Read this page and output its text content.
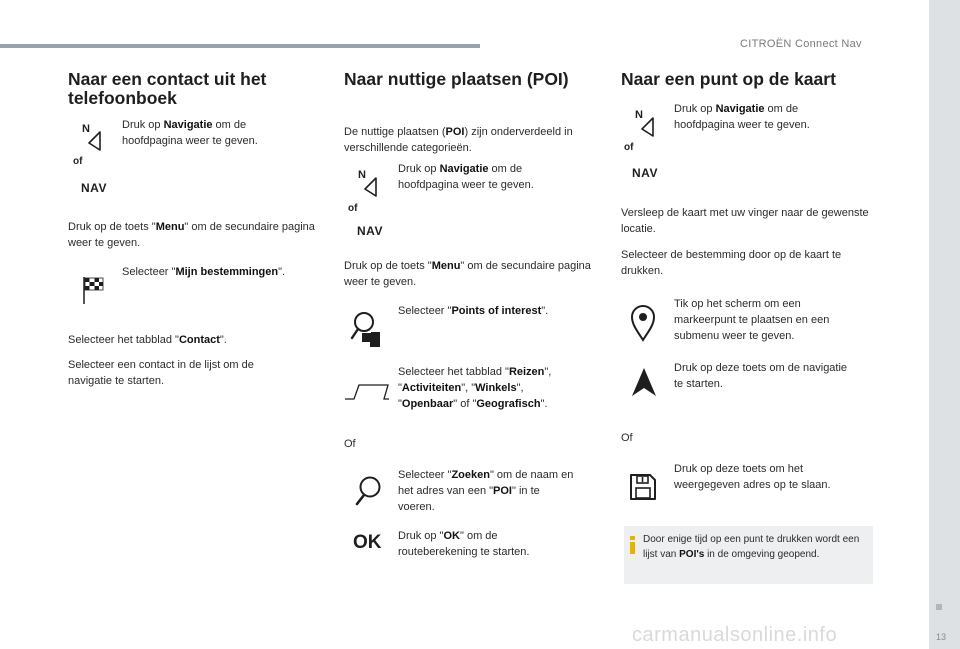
CITROËN Connect Nav
13
Naar een contact uit het
telefoonboek
N
of
NAV
Druk op Navigatie om de hoofdpagina weer te geven.
Druk op de toets "Menu" om de secundaire pagina weer te geven.
Selecteer "Mijn bestemmingen".
Selecteer het tabblad "Contact".
Selecteer een contact in de lijst om de navigatie te starten.
Naar nuttige plaatsen (POI)
De nuttige plaatsen (POI) zijn onderverdeeld in verschillende categorieën.
N
of
NAV
Druk op Navigatie om de hoofdpagina weer te geven.
Druk op de toets "Menu" om de secundaire pagina weer te geven.
Selecteer "Points of interest".
Selecteer het tabblad "Reizen", "Activiteiten", "Winkels", "Openbaar" of "Geografisch".
Of
Selecteer "Zoeken" om de naam en het adres van een "POI" in te voeren.
OK Druk op "OK" om de routeberekening te starten.
Naar een punt op de kaart
N
of
NAV
Druk op Navigatie om de hoofdpagina weer te geven.
Versleep de kaart met uw vinger naar de gewenste locatie.
Selecteer de bestemming door op de kaart te drukken.
Tik op het scherm om een markeerpunt te plaatsen en een submenu weer te geven.
Druk op deze toets om de navigatie te starten.
Of
Druk op deze toets om het weergegeven adres op te slaan.
Door enige tijd op een punt te drukken wordt een lijst van POI's in de omgeving geopend.
carmanualsonline.info
